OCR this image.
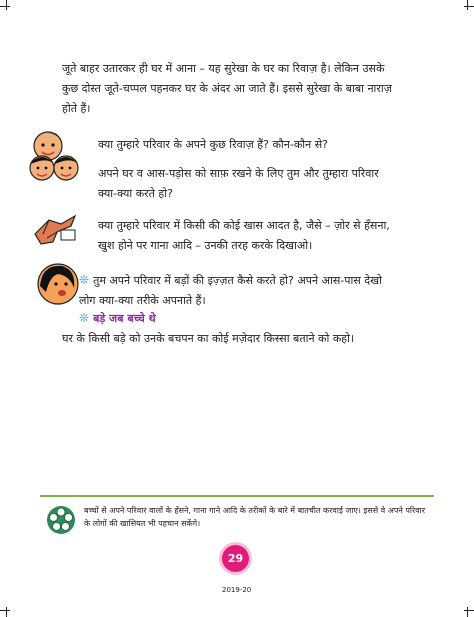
जूते बाहर उतारकर ही घर में आना – यह सुरेखा के घर का रिवाज़ है। लेकिन उसके कुछ दोस्त जूते-चप्पल पहनकर घर के अंदर आ जाते हैं। इससे सुरेखा के बाबा नाराज़ होते हैं।
क्या तुम्हारे परिवार के अपने कुछ रिवाज़ हैं? कौन-कौन से?
अपने घर व आस-पड़ोस को साफ़ रखने के लिए तुम और तुम्हारा परिवार क्या-क्या करते हो?
क्या तुम्हारे परिवार में किसी की कोई खास आदत है, जैसे – ज़ोर से हँसना, खुश होने पर गाना आदि – उनकी तरह करके दिखाओ।
❊ तुम अपने परिवार में बड़ों की इज़्ज़त कैसे करते हो? अपने आस-पास देखो लोग क्या-क्या तरीके अपनाते हैं।
❊ बड़े जब बच्चे थे
घर के किसी बड़े को उनके बचपन का कोई मज़ेदार किस्सा बताने को कहो।
बच्चों से अपने परिवार वालों के हँसने, गाना गाने आदि के तरीकों के बारे में बातचीत करवाई जाए। इससे वे अपने परिवार के लोगों की खासियत भी पहचान सकेंगे।
29
2019-20
